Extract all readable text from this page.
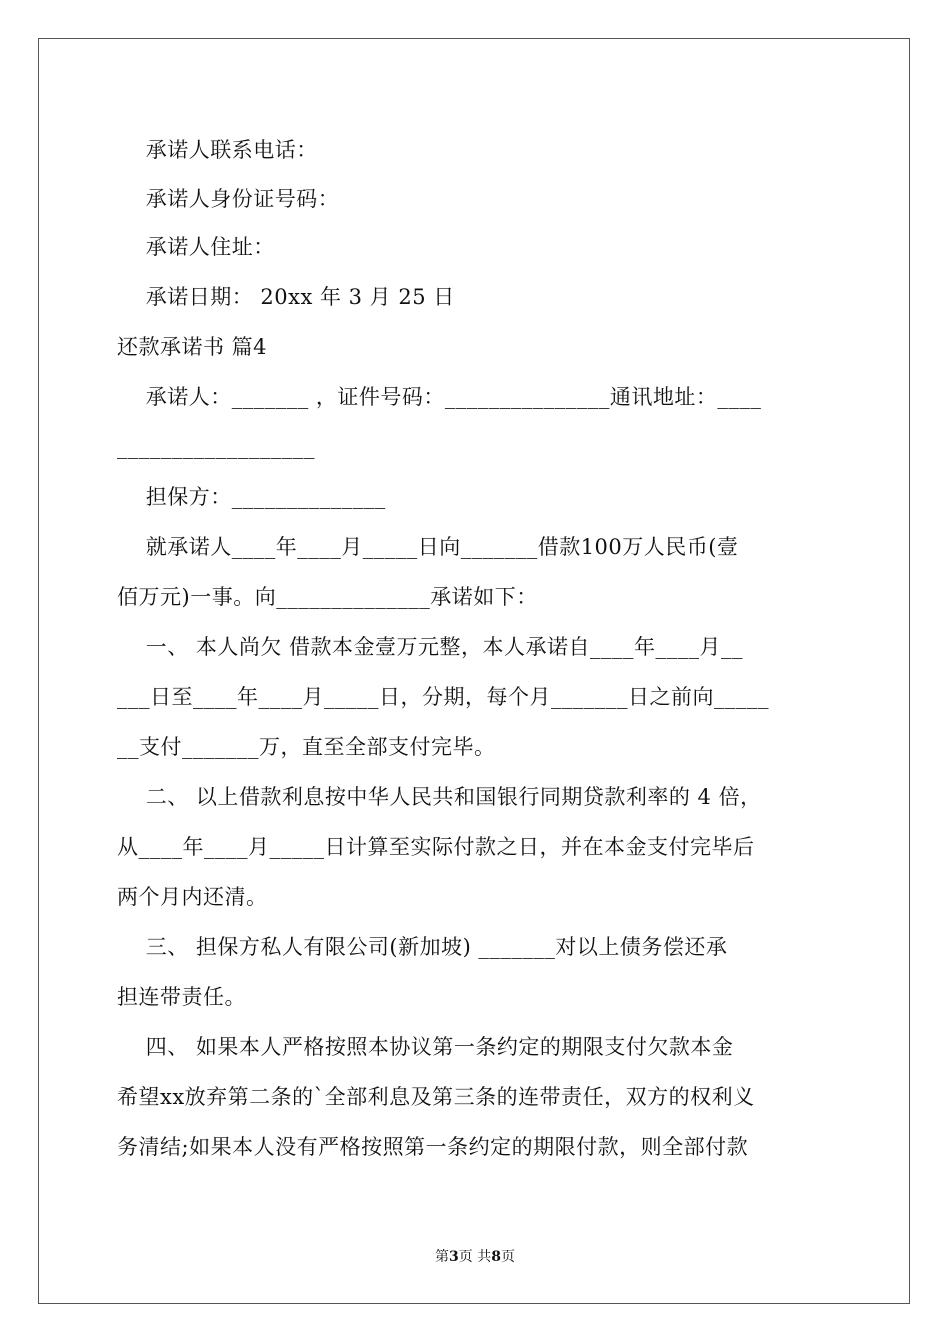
承诺人联系电话：
承诺人身份证号码：
承诺人住址：
承诺日期： 20xx 年 3 月 25 日
还款承诺书 篇4
承诺人：_______ ，证件号码：_______________通讯地址：____
__________________
担保方：______________
就承诺人____年____月_____日向_______借款100万人民币(壹
佰万元)一事。向______________承诺如下：
一、 本人尚欠 借款本金壹万元整，本人承诺自____年____月__
___日至____年____月_____日，分期，每个月_______日之前向_____
__支付_______万，直至全部支付完毕。
二、 以上借款利息按中华人民共和国银行同期贷款利率的 4 倍，
从____年____月_____日计算至实际付款之日，并在本金支付完毕后
两个月内还清。
三、 担保方私人有限公司(新加坡) _______对以上债务偿还承
担连带责任。
四、 如果本人严格按照本协议第一条约定的期限支付欠款本金
希望xx放弃第二条的`全部利息及第三条的连带责任，双方的权利义
务清结;如果本人没有严格按照第一条约定的期限付款，则全部付款
第3页 共8页
